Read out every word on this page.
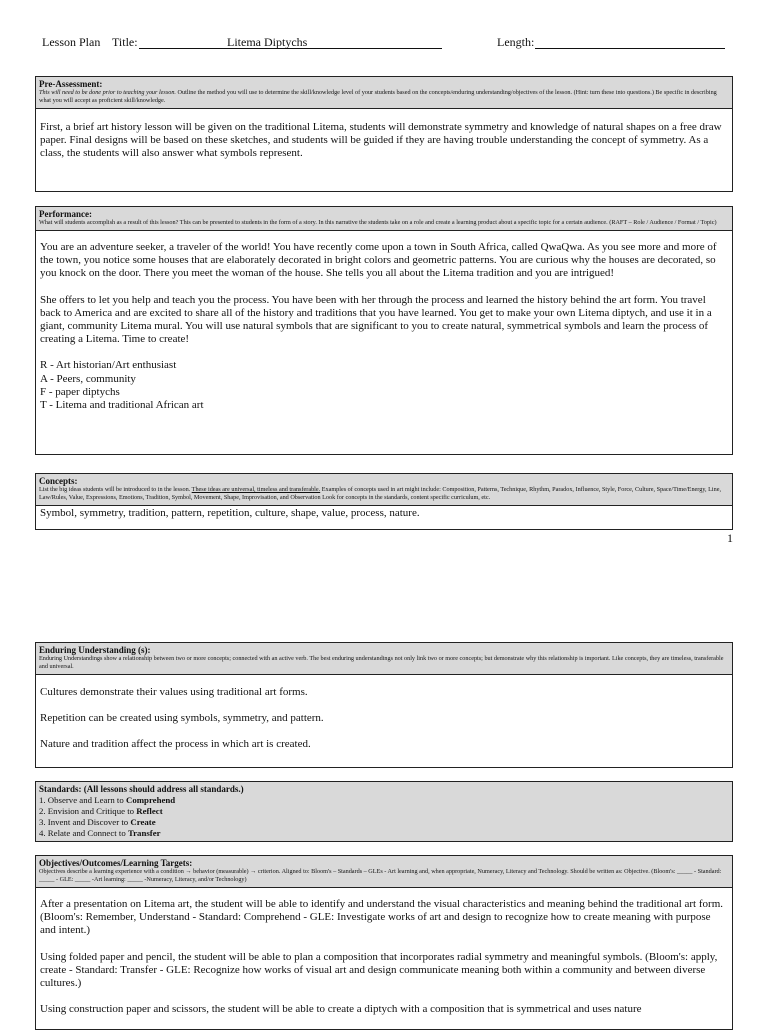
Lesson Plan Title:	Litema Diptychs	Length:
Pre-Assessment:
This will need to be done prior to teaching your lesson. Outline the method you will use to determine the skill/knowledge level of your students based on the concepts/enduring understanding/objectives of the lesson. (Hint: turn these into questions.) Be specific in describing what you will accept as proficient skill/knowledge.

First, a brief art history lesson will be given on the traditional Litema, students will demonstrate symmetry and knowledge of natural shapes on a free draw paper. Final designs will be based on these sketches, and students will be guided if they are having trouble understanding the concept of symmetry. As a class, the students will also answer what symbols represent.

Performance:
What will students accomplish as a result of this lesson? This can be presented to students in the form of a story. In this narrative the students take on a role and create a learning product about a specific topic for a certain audience. (RAFT – Role / Audience / Format / Topic)

You are an adventure seeker, a traveler of the world! You have recently come upon a town in South Africa, called QwaQwa. As you see more and more of the town, you notice some houses that are elaborately decorated in bright colors and geometric patterns. You are curious why the houses are decorated, so you knock on the door. There you meet the woman of the house. She tells you all about the Litema tradition and you are intrigued!

She offers to let you help and teach you the process. You have been with her through the process and learned the history behind the art form. You travel back to America and are excited to share all of the history and traditions that you have learned. You get to make your own Litema diptych, and use it in a giant, community Litema mural. You will use natural symbols that are significant to you to create natural, symmetrical symbols and learn the process of creating a Litema. Time to create!

R - Art historian/Art enthusiast
A - Peers, community
F - paper diptychs
T - Litema and traditional African art
Concepts:
List the big ideas students will be introduced to in the lesson. These ideas are universal, timeless and transferable. Examples of concepts used in art might include: Composition, Patterns, Technique, Rhythm, Paradox, Influence, Style, Force, Culture, Space/Time/Energy, Line, Law/Rules, Value, Expressions, Emotions, Tradition, Symbol, Movement, Shape, Improvisation, and Observation Look for concepts in the standards, content specific curriculum, etc.

Symbol, symmetry, tradition, pattern, repetition, culture, shape, value, process, nature.

1
Enduring Understanding (s):
Enduring Understandings show a relationship between two or more concepts; connected with an active verb. The best enduring understandings not only link two or more concepts; but demonstrate why this relationship is important. Like concepts, they are timeless, transferable and universal.

Cultures demonstrate their values using traditional art forms.

Repetition can be created using symbols, symmetry, and pattern.

Nature and tradition affect the process in which art is created.

Standards: (All lessons should address all standards.)
1. Observe and Learn to Comprehend
2. Envision and Critique to Reflect
3. Invent and Discover to Create
4. Relate and Connect to Transfer
Objectives/Outcomes/Learning Targets:
Objectives describe a learning experience with a condition → behavior (measurable) → criterion. Aligned to: Bloom's – Standards – GLEs - Art learning and, when appropriate, Numeracy, Literacy and Technology. Should be written as: Objective. (Bloom's: _____ - Standard: _____ - GLE: _____ -Art learning: _____ -Numeracy, Literacy, and/or Technology)

After a presentation on Litema art, the student will be able to identify and understand the visual characteristics and meaning behind the traditional art form. (Bloom's: Remember, Understand - Standard: Comprehend - GLE: Investigate works of art and design to recognize how to create meaning with purpose and intent.)

Using folded paper and pencil, the student will be able to plan a composition that incorporates radial symmetry and meaningful symbols. (Bloom's: apply, create - Standard: Transfer - GLE: Recognize how works of visual art and design communicate meaning both within a community and between diverse cultures.)

Using construction paper and scissors, the student will be able to create a diptych with a composition that is symmetrical and uses nature
